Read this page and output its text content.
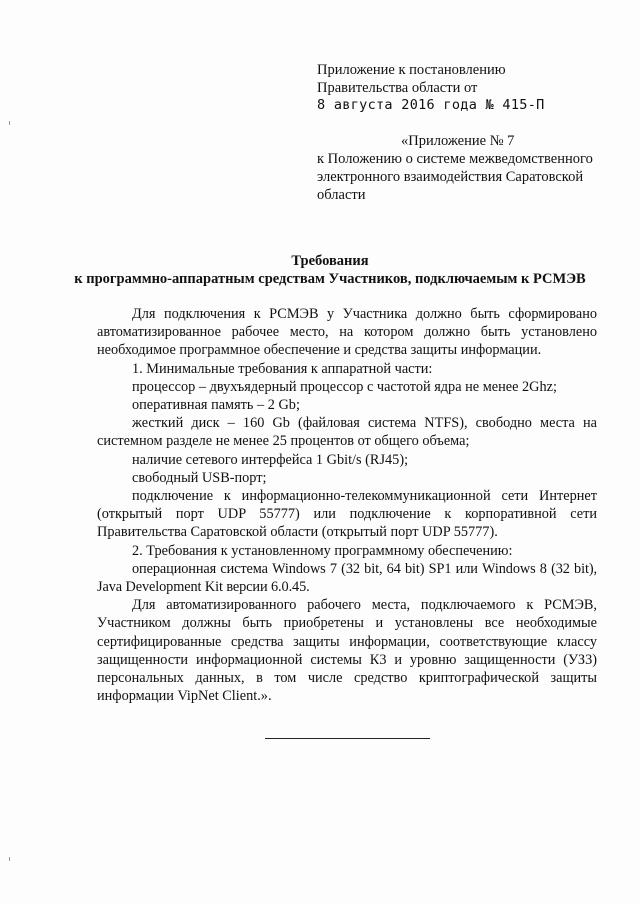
Приложение к постановлению
Правительства области от
8 августа 2016 года № 415-П
«Приложение № 7
к Положению о системе межведомственного
электронного взаимодействия Саратовской
области
Требования
к программно-аппаратным средствам Участников, подключаемым к РСМЭВ

Для подключения к РСМЭВ у Участника должно быть сформировано автоматизированное рабочее место, на котором должно быть установлено необходимое программное обеспечение и средства защиты информации.

1. Минимальные требования к аппаратной части:

процессор – двухъядерный процессор с частотой ядра не менее 2Ghz;

оперативная память – 2 Gb;

жесткий диск – 160 Gb (файловая система NTFS), свободно места на системном разделе не менее 25 процентов от общего объема;

наличие сетевого интерфейса 1 Gbit/s (RJ45);

свободный USB-порт;

подключение к информационно-телекоммуникационной сети Интернет (открытый порт UDP 55777) или подключение к корпоративной сети Правительства Саратовской области (открытый порт UDP 55777).

2. Требования к установленному программному обеспечению:

операционная система Windows 7 (32 bit, 64 bit) SP1 или Windows 8 (32 bit), Java Development Kit версии 6.0.45.

Для автоматизированного рабочего места, подключаемого к РСМЭВ, Участником должны быть приобретены и установлены все необходимые сертифицированные средства защиты информации, соответствующие классу защищенности информационной системы К3 и уровню защищенности (УЗ3) персональных данных, в том числе средство криптографической защиты информации VipNet Client.».
